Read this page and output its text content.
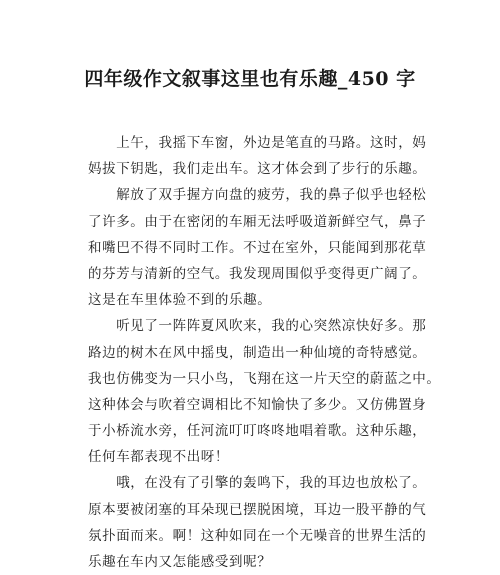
四年级作文叙事这里也有乐趣_450 字
　　上午，我摇下车窗，外边是笔直的马路。这时，妈
妈拔下钥匙，我们走出车。这才体会到了步行的乐趣。
　　解放了双手握方向盘的疲劳，我的鼻子似乎也轻松
了许多。由于在密闭的车厢无法呼吸道新鲜空气，鼻子
和嘴巴不得不同时工作。不过在室外，只能闻到那花草
的芬芳与清新的空气。我发现周围似乎变得更广阔了。
这是在车里体验不到的乐趣。
　　听见了一阵阵夏风吹来，我的心突然凉快好多。那
路边的树木在风中摇曳，制造出一种仙境的奇特感觉。
我也仿佛变为一只小鸟，飞翔在这一片天空的蔚蓝之中。
这种体会与吹着空调相比不知愉快了多少。又仿佛置身
于小桥流水旁，任河流叮叮咚咚地唱着歌。这种乐趣，
任何车都表现不出呀！
　　哦，在没有了引擎的轰鸣下，我的耳边也放松了。
原本要被闭塞的耳朵现已摆脱困境，耳边一股平静的气
氛扑面而来。啊！这种如同在一个无噪音的世界生活的
乐趣在车内又怎能感受到呢？
